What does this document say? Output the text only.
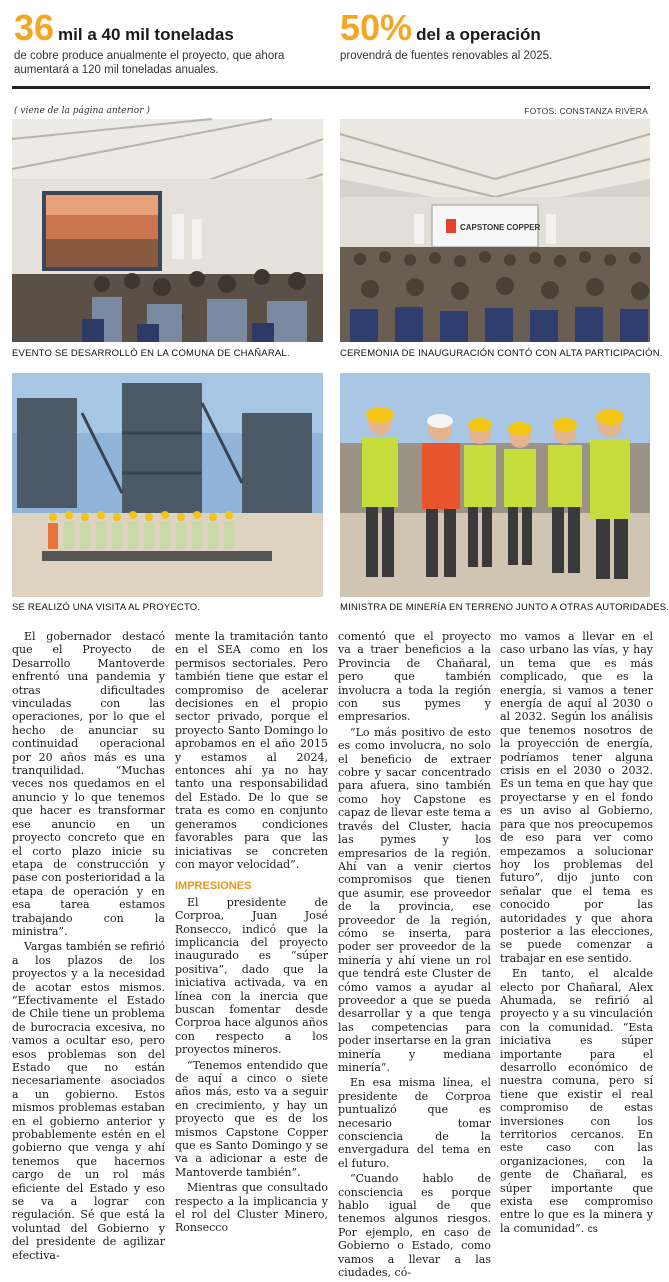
36 mil a 40 mil toneladas
de cobre produce anualmente el proyecto, que ahora aumentará a 120 mil toneladas anuales.
50% del a operación
provendrá de fuentes renovables al 2025.
( viene de la página anterior )	FOTOS: CONSTANZA RIVERA
EVENTO SE DESARROLLÓ EN LA COMUNA DE CHAÑARAL.
CAPSTONE COPPER
CEREMONIA DE INAUGURACIÓN CONTÓ CON ALTA PARTICIPACIÓN.
SE REALIZÓ UNA VISITA AL PROYECTO.	MINISTRA DE MINERÍA EN TERRENO JUNTO A OTRAS AUTORIDADES.

El gobernador destacó que el Proyecto de Desarrollo Mantoverde enfrentó una pandemia y otras dificultades vinculadas con las operaciones, por lo que el hecho de anunciar su continuidad operacional por 20 años más es una tranquilidad. “Muchas veces nos quedamos en el anuncio y lo que tenemos que hacer es transformar ese anuncio en un proyecto concreto que en el corto plazo inicie su etapa de construcción y pase con posterioridad a la etapa de operación y en esa tarea estamos trabajando con la ministra”.

Vargas también se refirió a los plazos de los proyectos y a la necesidad de acotar estos mismos. “Efectivamente el Estado de Chile tiene un problema de burocracia excesiva, no vamos a ocultar eso, pero esos problemas son del Estado que no están necesariamente asociados a un gobierno. Estos mismos problemas estaban en el gobierno anterior y probablemente estén en el gobierno que venga y ahí tenemos que hacernos cargo de un rol más eficiente del Estado y eso se va a lograr con regulación. Sé que está la voluntad del Gobierno y del presidente de agilizar efectiva-

mente la tramitación tanto en el SEA como en los permisos sectoriales. Pero también tiene que estar el compromiso de acelerar decisiones en el propio sector privado, porque el proyecto Santo Domingo lo aprobamos en el año 2015 y estamos al 2024, entonces ahí ya no hay tanto una responsabilidad del Estado. De lo que se trata es como en conjunto generamos condiciones favorables para que las iniciativas se concreten con mayor velocidad”.

IMPRESIONES

El presidente de Corproa, Juan José Ronsecco, indicó que la implicancia del proyecto inaugurado es “súper positiva”, dado que la iniciativa activada, va en línea con la inercia que buscan fomentar desde Corproa hace algunos años con respecto a los proyectos mineros.

“Tenemos entendido que de aquí a cinco o siete años más, esto va a seguir en crecimiento, y hay un proyecto que es de los mismos Capstone Copper que es Santo Domingo y se va a adicionar a este de Mantoverde también”.

Mientras que consultado respecto a la implicancia y el rol del Cluster Minero, Ronsecco

comentó que el proyecto va a traer beneficios a la Provincia de Chañaral, pero que también involucra a toda la región con sus pymes y empresarios.

“Lo más positivo de esto es como involucra, no solo el beneficio de extraer cobre y sacar concentrado para afuera, sino también como hoy Capstone es capaz de llevar este tema a través del Cluster, hacia las pymes y los empresarios de la región. Ahí van a venir ciertos compromisos que tienen que asumir, ese proveedor de la provincia, ese proveedor de la región, cómo se inserta, para poder ser proveedor de la minería y ahí viene un rol que tendrá este Cluster de cómo vamos a ayudar al proveedor a que se pueda desarrollar y a que tenga las competencias para poder insertarse en la gran minería y mediana minería”.

En esa misma línea, el presidente de Corproa puntualizó que es necesario tomar consciencia de la envergadura del tema en el futuro.

“Cuando hablo de consciencia es porque hablo igual de que tenemos algunos riesgos. Por ejemplo, en caso de Gobierno o Estado, como vamos a llevar a las ciudades, có-

mo vamos a llevar en el caso urbano las vías, y hay un tema que es más complicado, que es la energía, si vamos a tener energía de aquí al 2030 o al 2032. Según los análisis que tenemos nosotros de la proyección de energía, podríamos tener alguna crisis en el 2030 o 2032. Es un tema en que hay que proyectarse y en el fondo es un aviso al Gobierno, para que nos preocupemos de eso para ver como empezamos a solucionar hoy los problemas del futuro”, dijo junto con señalar que el tema es conocido por las autoridades y que ahora posterior a las elecciones, se puede comenzar a trabajar en ese sentido.

En tanto, el alcalde electo por Chañaral, Alex Ahumada, se refirió al proyecto y a su vinculación con la comunidad. “Esta iniciativa es súper importante para el desarrollo económico de nuestra comuna, pero sí tiene que existir el real compromiso de estas inversiones con los territorios cercanos. En este caso con las organizaciones, con la gente de Chañaral, es súper importante que exista ese compromiso entre lo que es la minera y la comunidad”. cs
